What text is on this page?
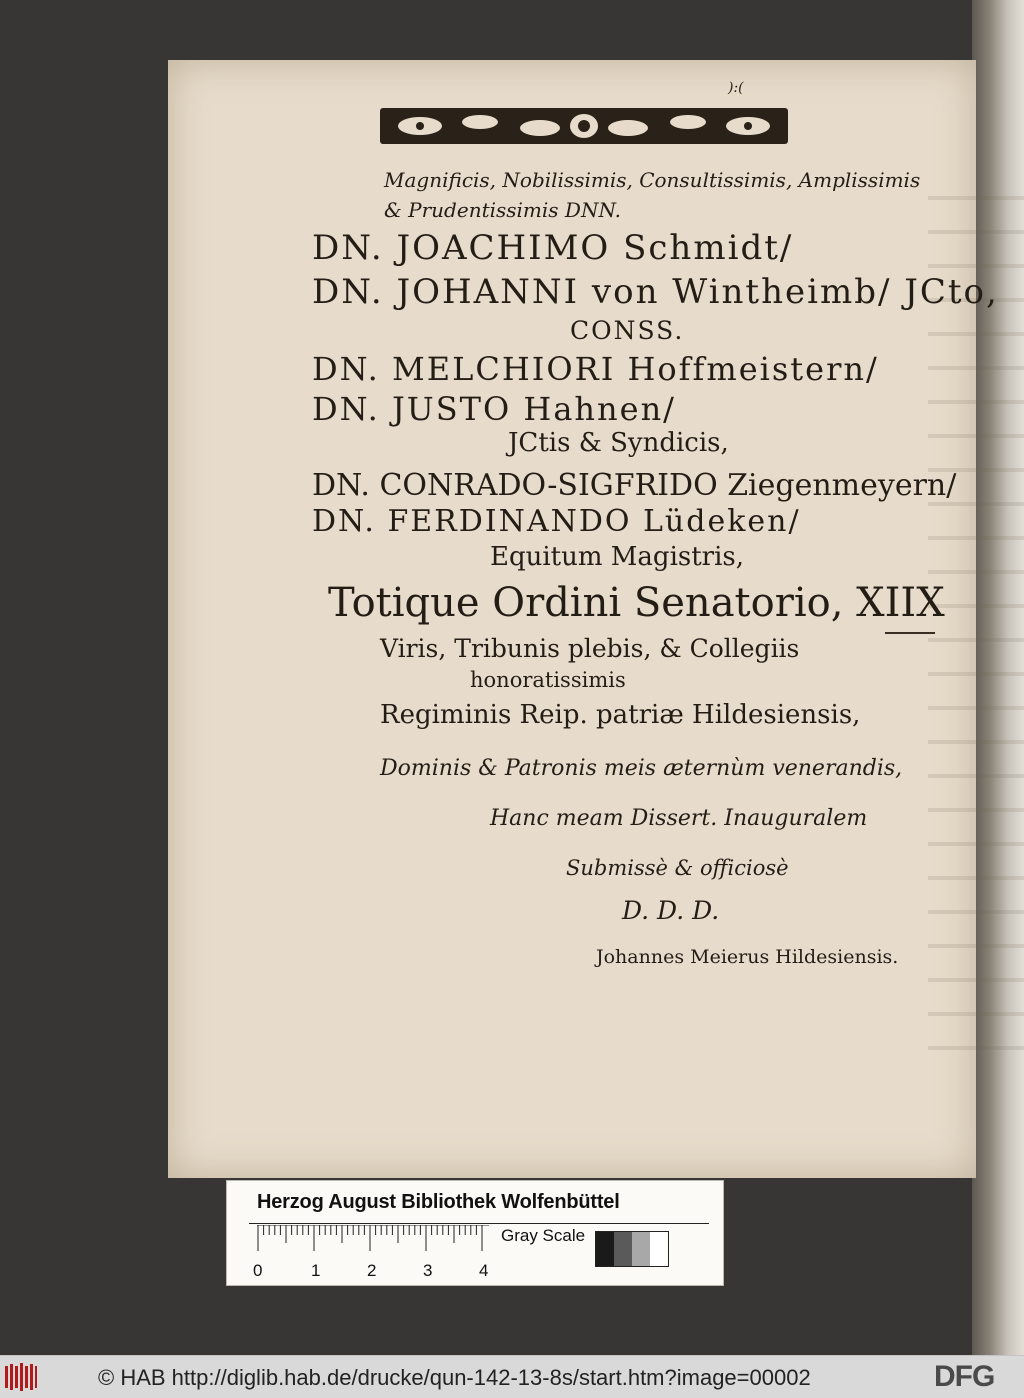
):(
Magnificis, Nobilissimis, Consultissimis, Amplissimis
& Prudentissimis DNN.
DN. JOACHIMO Schmidt/
DN. JOHANNI von Wintheimb/ JCto,
CONSS.
DN. MELCHIORI Hoffmeistern/
DN. JUSTO Hahnen/
JCtis & Syndicis,
DN. CONRADO-SIGFRIDO Ziegenmeyern/
DN. FERDINANDO Lüdeken/
Equitum Magistris,
Totique Ordini Senatorio, XIIX
Viris, Tribunis plebis, & Collegiis
honoratissimis
Regiminis Reip. patriæ Hildesiensis,
Dominis & Patronis meis æternùm venerandis,
Hanc meam Dissert. Inauguralem
Submissè & officiosè
D. D. D.
Johannes Meierus Hildesiensis.
Herzog August Bibliothek Wolfenbüttel
0	1	2	3	4
Gray Scale
© HAB http://diglib.hab.de/drucke/qun-142-13-8s/start.htm?image=00002	DFG
